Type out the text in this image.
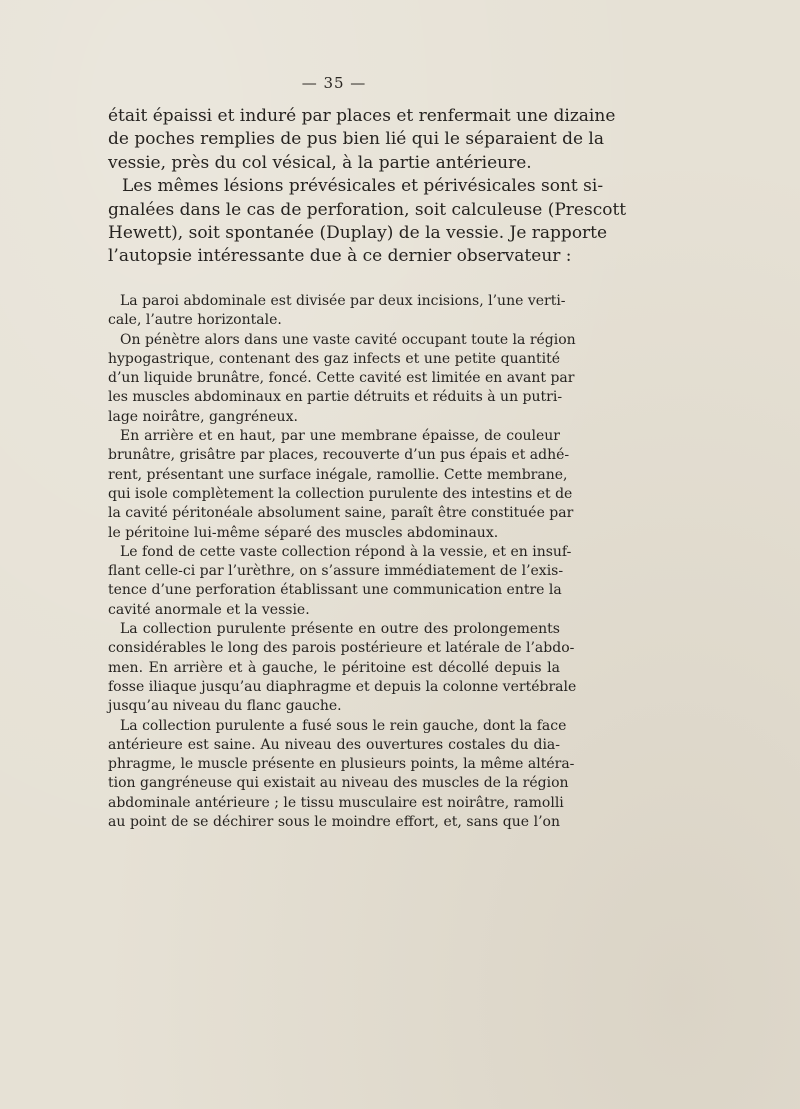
— 35 —
était épaissi et induré par places et renfermait une dizaine
de poches remplies de pus bien lié qui le séparaient de la
vessie, près du col vésical, à la partie antérieure.
Les mêmes lésions prévésicales et périvésicales sont si-
gnalées dans le cas de perforation, soit calculeuse (Prescott
Hewett), soit spontanée (Duplay) de la vessie. Je rapporte
l’autopsie intéressante due à ce dernier observateur :
La paroi abdominale est divisée par deux incisions, l’une verti-
cale, l’autre horizontale.
On pénètre alors dans une vaste cavité occupant toute la région
hypogastrique, contenant des gaz infects et une petite quantité
d’un liquide brunâtre, foncé. Cette cavité est limitée en avant par
les muscles abdominaux en partie détruits et réduits à un putri-
lage noirâtre, gangréneux.
En arrière et en haut, par une membrane épaisse, de couleur
brunâtre, grisâtre par places, recouverte d’un pus épais et adhé-
rent, présentant une surface inégale, ramollie. Cette membrane,
qui isole complètement la collection purulente des intestins et de
la cavité péritonéale absolument saine, paraît être constituée par
le péritoine lui-même séparé des muscles abdominaux.
Le fond de cette vaste collection répond à la vessie, et en insuf-
flant celle-ci par l’urèthre, on s’assure immédiatement de l’exis-
tence d’une perforation établissant une communication entre la
cavité anormale et la vessie.
La collection purulente présente en outre des prolongements
considérables le long des parois postérieure et latérale de l’abdo-
men. En arrière et à gauche, le péritoine est décollé depuis la
fosse iliaque jusqu’au diaphragme et depuis la colonne vertébrale
jusqu’au niveau du flanc gauche.
La collection purulente a fusé sous le rein gauche, dont la face
antérieure est saine. Au niveau des ouvertures costales du dia-
phragme, le muscle présente en plusieurs points, la même altéra-
tion gangréneuse qui existait au niveau des muscles de la région
abdominale antérieure ; le tissu musculaire est noirâtre, ramolli
au point de se déchirer sous le moindre effort, et, sans que l’on
